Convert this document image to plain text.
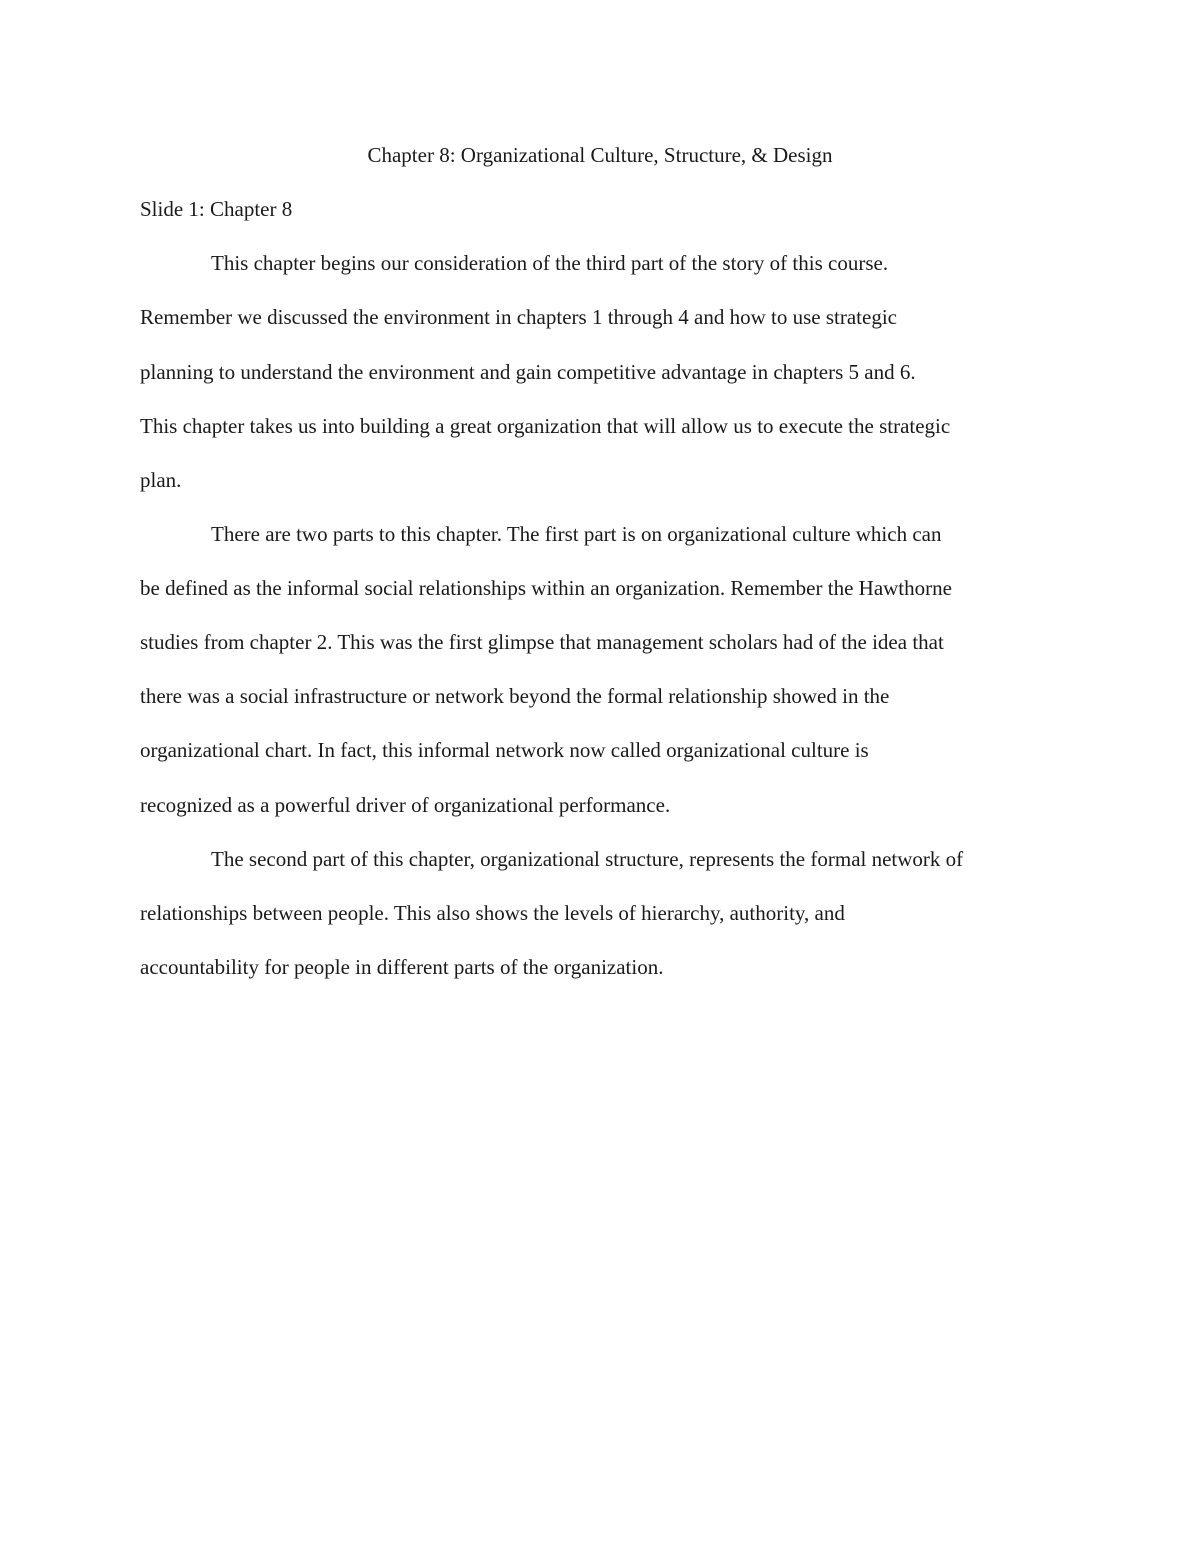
Chapter 8: Organizational Culture, Structure, & Design
Slide 1: Chapter 8
This chapter begins our consideration of the third part of the story of this course.
Remember we discussed the environment in chapters 1 through 4 and how to use strategic
planning to understand the environment and gain competitive advantage in chapters 5 and 6.
This chapter takes us into building a great organization that will allow us to execute the strategic
plan.
There are two parts to this chapter. The first part is on organizational culture which can
be defined as the informal social relationships within an organization. Remember the Hawthorne
studies from chapter 2. This was the first glimpse that management scholars had of the idea that
there was a social infrastructure or network beyond the formal relationship showed in the
organizational chart. In fact, this informal network now called organizational culture is
recognized as a powerful driver of organizational performance.
The second part of this chapter, organizational structure, represents the formal network of
relationships between people. This also shows the levels of hierarchy, authority, and
accountability for people in different parts of the organization.
